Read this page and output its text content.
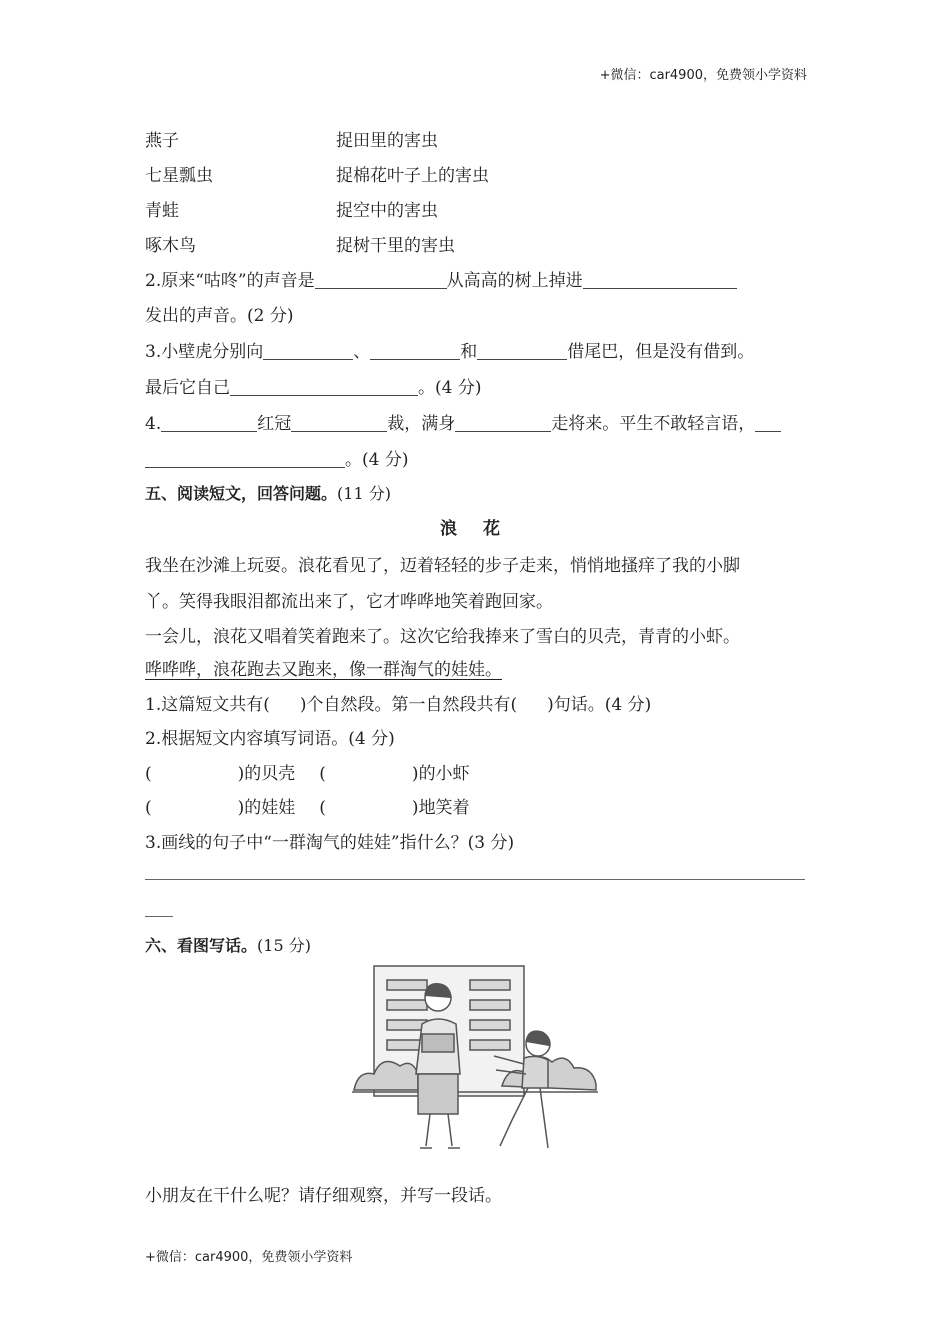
+微信：car4900，免费领小学资料
+微信：car4900，免费领小学资料
燕子	捉田里的害虫
七星瓢虫	捉棉花叶子上的害虫
青蛙	捉空中的害虫
啄木鸟	捉树干里的害虫
2.原来“咕咚”的声音是	从高高的树上掉进
发出的声音。(2 分)
3.小壁虎分别向	、	和	借尾巴，但是没有借到。
最后它自己	。(4 分)
4.	红冠	裁，满身	走将来。平生不敢轻言语，
。(4 分)
五、阅读短文，回答问题。(11 分)
浪 花
我坐在沙滩上玩耍。浪花看见了，迈着轻轻的步子走来，悄悄地搔痒了我的小脚
丫。笑得我眼泪都流出来了，它才哗哗地笑着跑回家。
一会儿，浪花又唱着笑着跑来了。这次它给我捧来了雪白的贝壳，青青的小虾。
哗哗哗，浪花跑去又跑来，像一群淘气的娃娃。
1.这篇短文共有( )个自然段。第一自然段共有( )句话。(4 分)
2.根据短文内容填写词语。(4 分)
(	)的贝壳 (	)的小虾
(	)的娃娃 (	)地笑着
3.画线的句子中“一群淘气的娃娃”指什么？(3 分)
六、看图写话。(15 分)
小朋友在干什么呢？请仔细观察，并写一段话。
